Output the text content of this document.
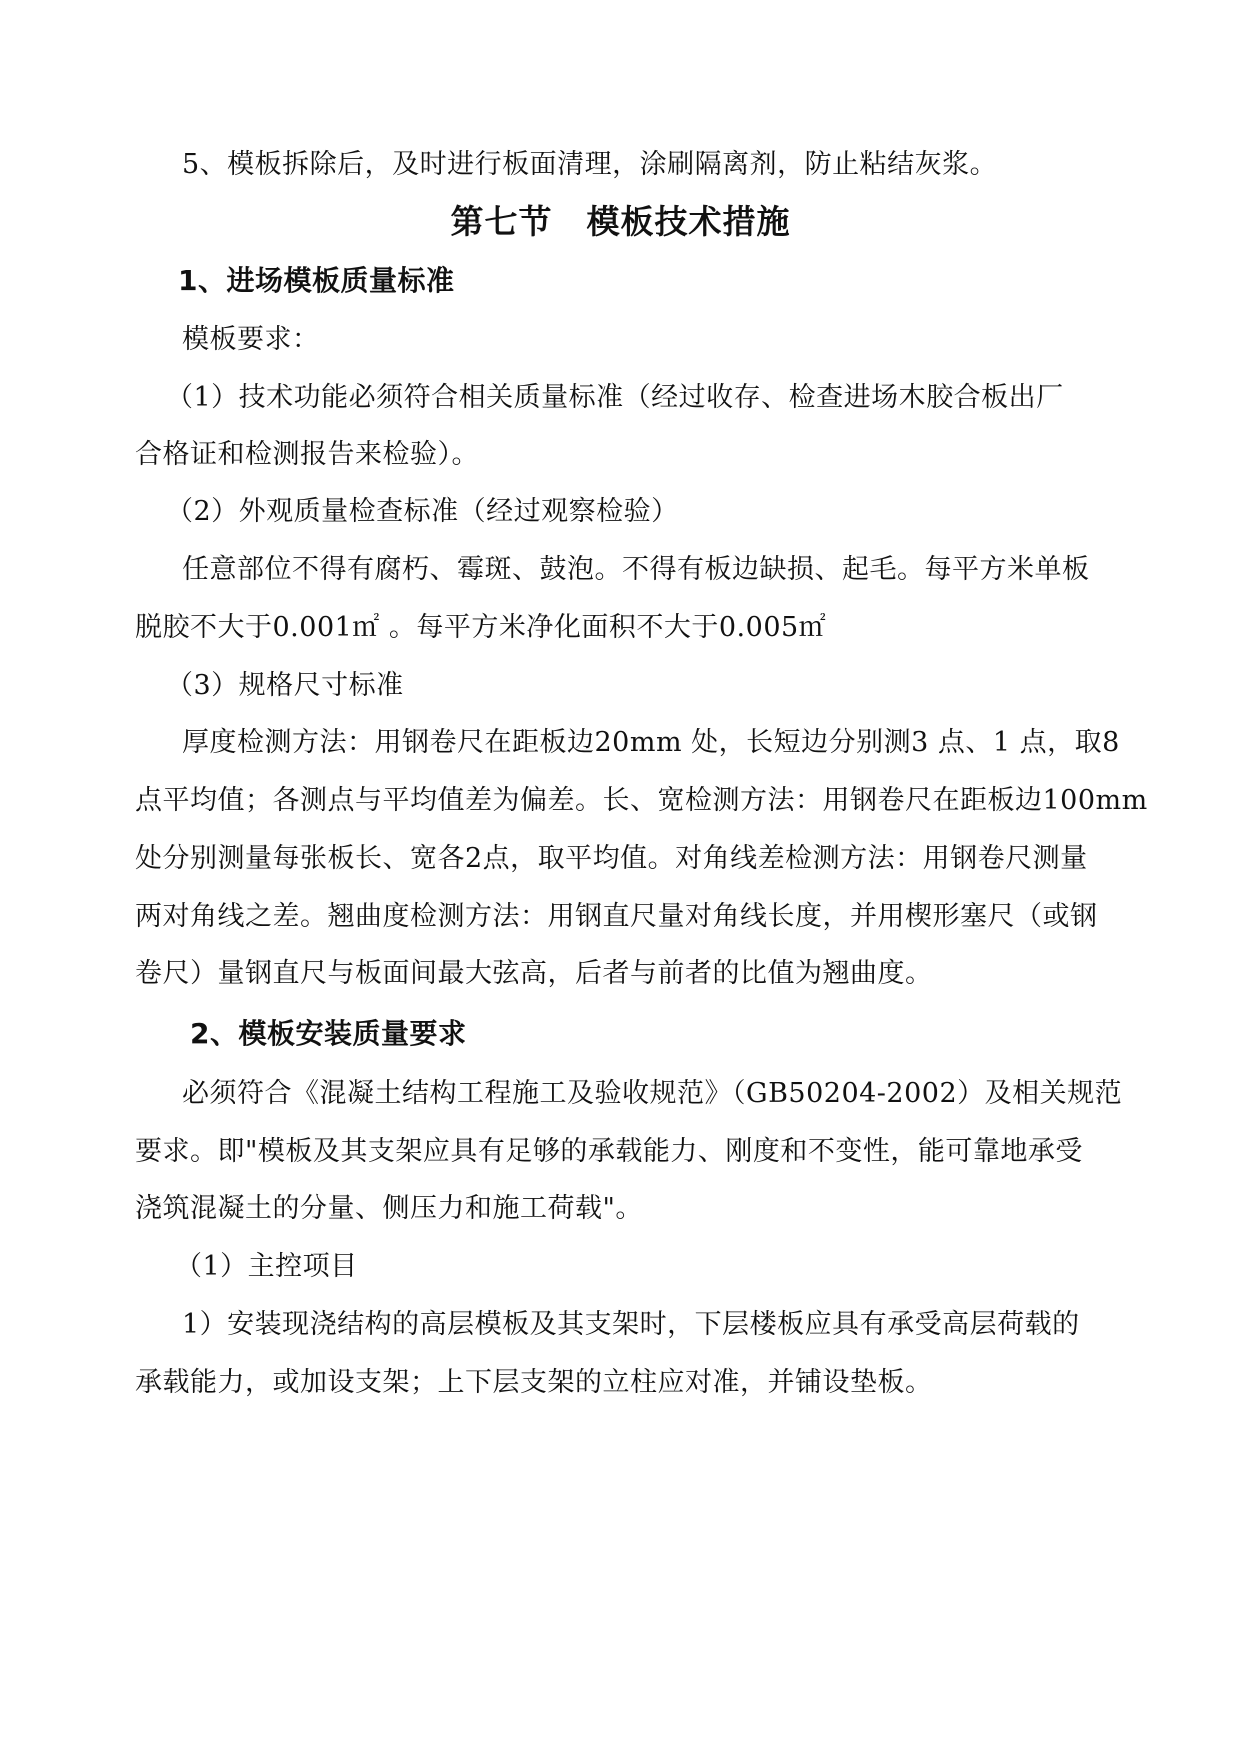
5、模板拆除后，及时进行板面清理，涂刷隔离剂，防止粘结灰浆。
第七节　模板技术措施
1、进场模板质量标准
模板要求：
（1）技术功能必须符合相关质量标准（经过收存、检查进场木胶合板出厂
合格证和检测报告来检验）。
（2）外观质量检查标准（经过观察检验）
任意部位不得有腐朽、霉斑、鼓泡。不得有板边缺损、起毛。每平方米单板
脱胶不大于0.001㎡ 。每平方米净化面积不大于0.005㎡
（3）规格尺寸标准
厚度检测方法：用钢卷尺在距板边20mm 处，长短边分别测3 点、1 点，取8
点平均值；各测点与平均值差为偏差。长、宽检测方法：用钢卷尺在距板边100mm
处分别测量每张板长、宽各2点，取平均值。对角线差检测方法：用钢卷尺测量
两对角线之差。翘曲度检测方法：用钢直尺量对角线长度，并用楔形塞尺（或钢
卷尺）量钢直尺与板面间最大弦高，后者与前者的比值为翘曲度。
2、模板安装质量要求
必须符合《混凝土结构工程施工及验收规范》（GB50204-2002）及相关规范
要求。即"模板及其支架应具有足够的承载能力、刚度和不变性，能可靠地承受
浇筑混凝土的分量、侧压力和施工荷载"。
（1）主控项目
1）安装现浇结构的高层模板及其支架时，下层楼板应具有承受高层荷载的
承载能力，或加设支架；上下层支架的立柱应对准，并铺设垫板。
